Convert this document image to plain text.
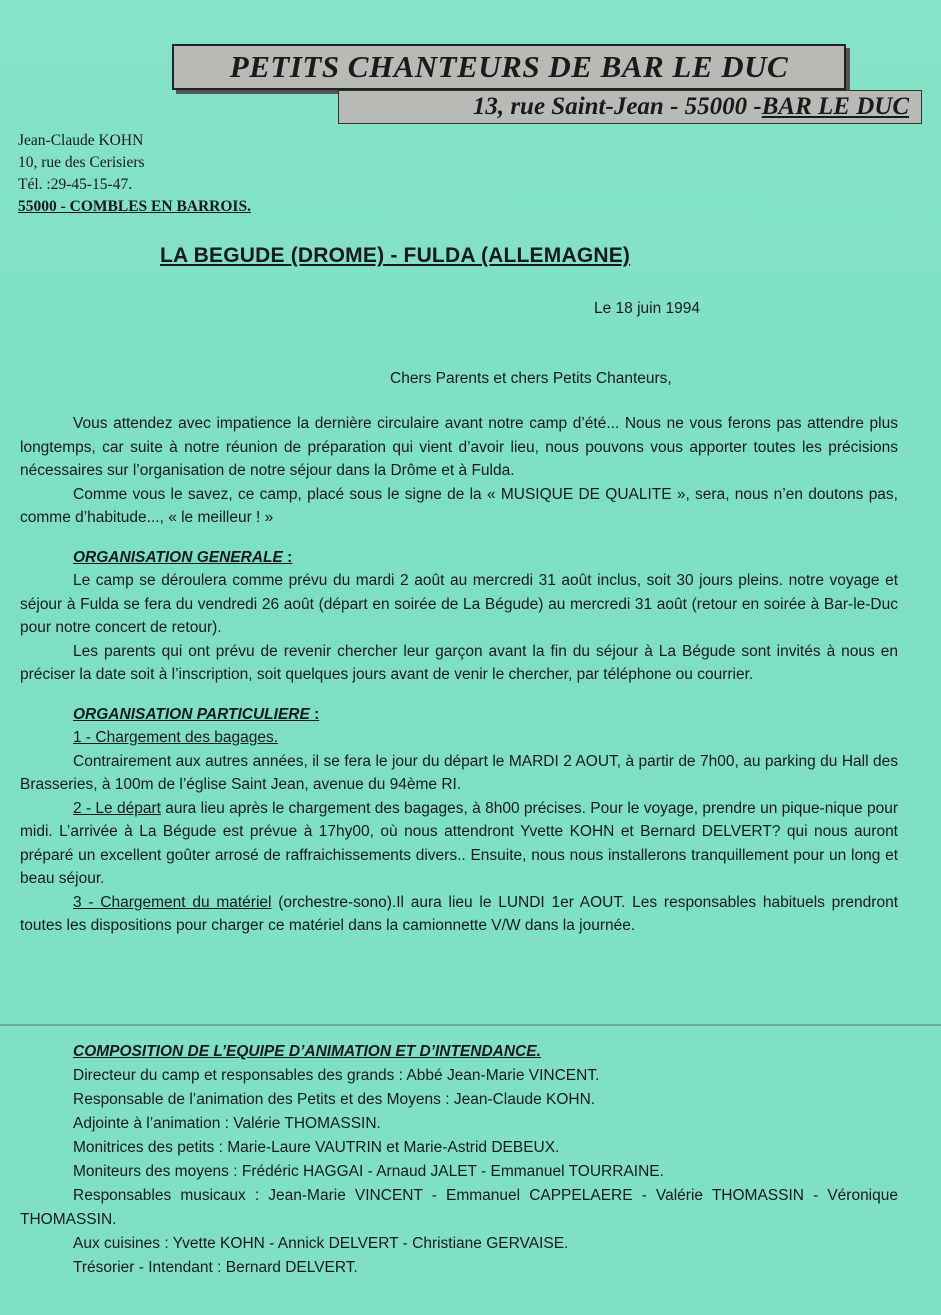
PETITS CHANTEURS DE BAR LE DUC
13, rue Saint-Jean - 55000 - BAR LE DUC
Jean-Claude KOHN
10, rue des Cerisiers
Tél. :29-45-15-47.
55000 - COMBLES EN BARROIS.
LA BEGUDE (DROME) - FULDA (ALLEMAGNE)
Le 18 juin 1994
Chers Parents et chers Petits Chanteurs,

Vous attendez avec impatience la dernière circulaire avant notre camp d’été... Nous ne vous ferons pas attendre plus longtemps, car suite à notre réunion de préparation qui vient d’avoir lieu, nous pouvons vous apporter toutes les précisions nécessaires sur l’organisation de notre séjour dans la Drôme et à Fulda.

Comme vous le savez, ce camp, placé sous le signe de la « MUSIQUE DE QUALITE », sera, nous n’en doutons pas, comme d’habitude..., « le meilleur ! »

ORGANISATION GENERALE :

Le camp se déroulera comme prévu du mardi 2 août au mercredi 31 août inclus, soit 30 jours pleins. notre voyage et séjour à Fulda se fera du vendredi 26 août (départ en soirée de La Bégude) au mercredi 31 août (retour en soirée à Bar-le-Duc pour notre concert de retour).

Les parents qui ont prévu de revenir chercher leur garçon avant la fin du séjour à La Bégude sont invités à nous en préciser la date soit à l’inscription, soit quelques jours avant de venir le chercher, par téléphone ou courrier.

ORGANISATION PARTICULIERE :

1 - Chargement des bagages.

Contrairement aux autres années, il se fera le jour du départ le MARDI 2 AOUT, à partir de 7h00, au parking du Hall des Brasseries, à 100m de l’église Saint Jean, avenue du 94ème RI.

2 - Le départ aura lieu après le chargement des bagages, à 8h00 précises. Pour le voyage, prendre un pique-nique pour midi. L’arrivée à La Bégude est prévue à 17hy00, où nous attendront Yvette KOHN et Bernard DELVERT? qui nous auront préparé un excellent goûter arrosé de raffraichissements divers.. Ensuite, nous nous installerons tranquillement pour un long et beau séjour.

3 - Chargement du matériel (orchestre-sono).Il aura lieu le LUNDI 1er AOUT. Les responsables habituels prendront toutes les dispositions pour charger ce matériel dans la camionnette V/W dans la journée.

COMPOSITION DE L’EQUIPE D’ANIMATION ET D’INTENDANCE.

Directeur du camp et responsables des grands : Abbé Jean-Marie VINCENT.

Responsable de l’animation des Petits et des Moyens : Jean-Claude KOHN.

Adjointe à l’animation : Valérie THOMASSIN.

Monitrices des petits : Marie-Laure VAUTRIN et Marie-Astrid DEBEUX.

Moniteurs des moyens : Frédéric HAGGAI - Arnaud JALET - Emmanuel TOURRAINE.

Responsables musicaux : Jean-Marie VINCENT - Emmanuel CAPPELAERE - Valérie THOMASSIN - Véronique THOMASSIN.

Aux cuisines : Yvette KOHN - Annick DELVERT - Christiane GERVAISE.

Trésorier - Intendant : Bernard DELVERT.
